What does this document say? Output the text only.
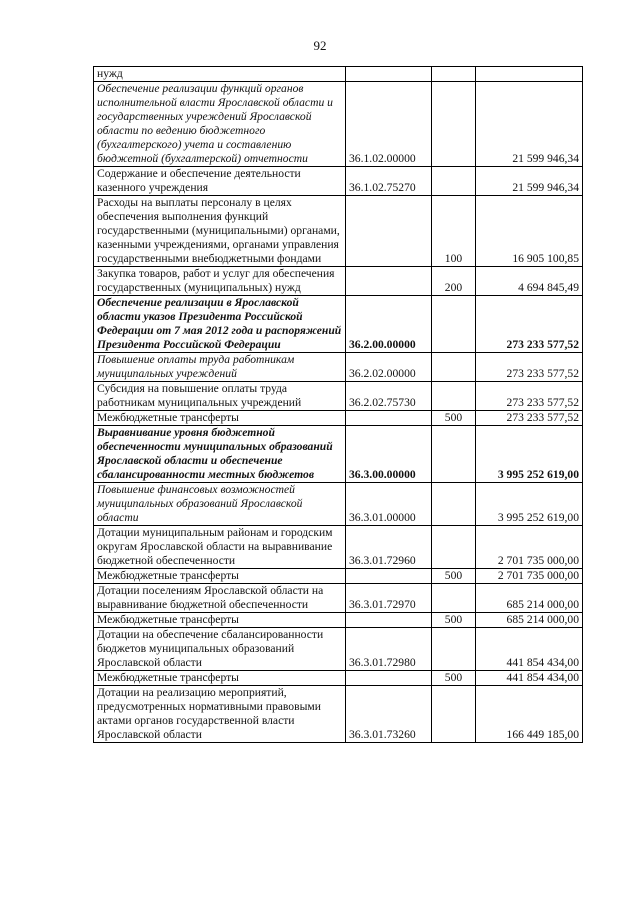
92
нужд			
Обеспечение реализации функций органов исполнительной власти Ярославской области и государственных учреждений Ярославской области по ведению бюджетного (бухгалтерского) учета и составлению бюджетной (бухгалтерской) отчетности	36.1.02.00000		21 599 946,34
Содержание и обеспечение деятельности казенного учреждения	36.1.02.75270		21 599 946,34
Расходы на выплаты персоналу в целях обеспечения выполнения функций государственными (муниципальными) органами, казенными учреждениями, органами управления государственными внебюджетными фондами		100	16 905 100,85
Закупка товаров, работ и услуг для обеспечения государственных (муниципальных) нужд		200	4 694 845,49
Обеспечение реализации в Ярославской области указов Президента Российской Федерации от 7 мая 2012 года и распоряжений Президента Российской Федерации	36.2.00.00000		273 233 577,52
Повышение оплаты труда работникам муниципальных учреждений	36.2.02.00000		273 233 577,52
Субсидия на повышение оплаты труда работникам муниципальных учреждений	36.2.02.75730		273 233 577,52
Межбюджетные трансферты		500	273 233 577,52
Выравнивание уровня бюджетной обеспеченности муниципальных образований Ярославской области и обеспечение сбалансированности местных бюджетов	36.3.00.00000		3 995 252 619,00
Повышение финансовых возможностей муниципальных образований Ярославской области	36.3.01.00000		3 995 252 619,00
Дотации муниципальным районам и городским округам Ярославской области на выравнивание бюджетной обеспеченности	36.3.01.72960		2 701 735 000,00
Межбюджетные трансферты		500	2 701 735 000,00
Дотации поселениям Ярославской области на выравнивание бюджетной обеспеченности	36.3.01.72970		685 214 000,00
Межбюджетные трансферты		500	685 214 000,00
Дотации на обеспечение сбалансированности бюджетов муниципальных образований Ярославской области	36.3.01.72980		441 854 434,00
Межбюджетные трансферты		500	441 854 434,00
Дотации на реализацию мероприятий, предусмотренных нормативными правовыми актами органов государственной власти Ярославской области	36.3.01.73260		166 449 185,00
